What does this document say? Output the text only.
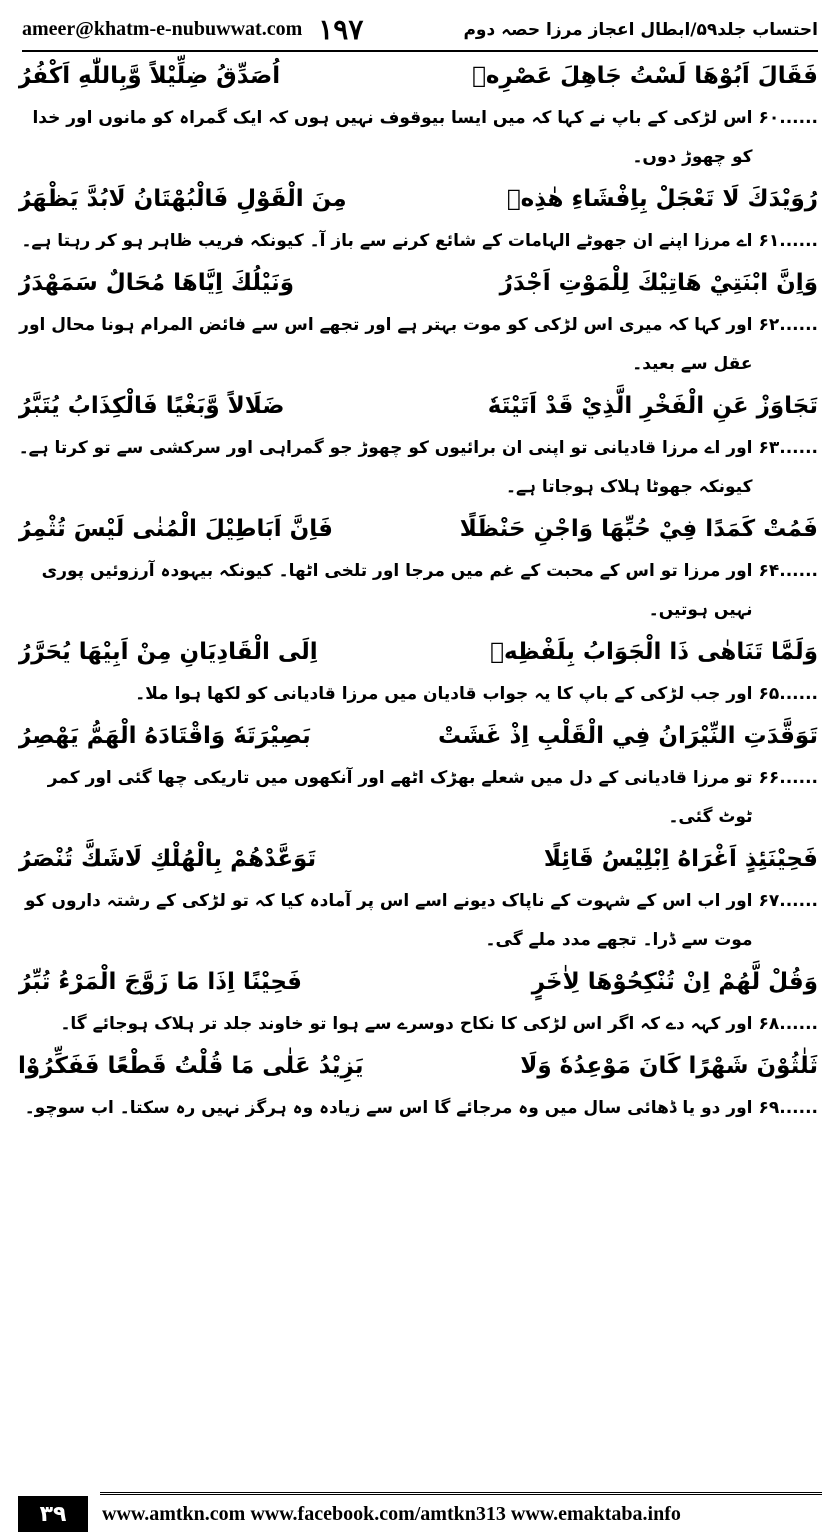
ameer@khatm-e-nubuwwat.com ۱۹۷	احتساب جلد۵۹/ابطال اعجاز مرزا حصہ دوم
فَقَالَ اَبُوْهَا لَسْتُ جَاهِلَ عَصْرِهٖ
اُصَدِّقُ ضِلِّيْلاً وَّبِاللّٰهِ اَكْفُرُ
۶۰......
اس لڑکی کے باپ نے کہا کہ میں ایسا بیوقوف نہیں ہوں کہ ایک گمراہ کو مانوں اور خدا کو چھوڑ دوں۔
رُوَيْدَكَ لَا تَعْجَلْ بِاِفْشَاءِ هٰذِهٖ
مِنَ الْقَوْلِ فَالْبُهْتَانُ لَابُدَّ يَظْهَرُ
۶۱......
اے مرزا اپنے ان جھوٹے الہامات کے شائع کرنے سے باز آ۔ کیونکہ فریب ظاہر ہو کر رہتا ہے۔
وَاِنَّ ابْنَتِيْ هَاتِيْكَ لِلْمَوْتِ اَجْدَرُ
وَنَيْلُكَ اِيَّاهَا مُحَالٌ سَمَهْدَرُ
۶۲......
اور کہا کہ میری اس لڑکی کو موت بہتر ہے اور تجھے اس سے فائض المرام ہونا محال اور عقل سے بعید۔
تَجَاوَزْ عَنِ الْفَخْرِ الَّذِيْ قَدْ اَتَيْتَهٗ
ضَلَالاً وَّبَغْيًا فَالْكِذَابُ يُتَبَّرُ
۶۳......
اور اے مرزا قادیانی تو اپنی ان برائیوں کو چھوڑ جو گمراہی اور سرکشی سے تو کرتا ہے۔ کیونکہ جھوٹا ہلاک ہوجاتا ہے۔
فَمُتْ كَمَدًا فِيْ حُبِّهَا وَاجْنِ حَنْظَلًا
فَاِنَّ اَبَاطِيْلَ الْمُنٰى لَيْسَ تُثْمِرُ
۶۴......
اور مرزا تو اس کے محبت کے غم میں مرجا اور تلخی اٹھا۔ کیونکہ بیہودہ آرزوئیں پوری نہیں ہوتیں۔
وَلَمَّا تَنَاهٰى ذَا الْجَوَابُ بِلَفْظِهٖ
اِلَى الْقَادِيَانِ مِنْ اَبِيْهَا يُحَرَّرُ
۶۵......
اور جب لڑکی کے باپ کا یہ جواب قادیان میں مرزا قادیانی کو لکھا ہوا ملا۔
تَوَقَّدَتِ النِّيْرَانُ فِي الْقَلْبِ اِذْ غَشَتْ
بَصِيْرَتَهٗ وَاقْتَادَهُ الْهَمُّ يَهْصِرُ
۶۶......
تو مرزا قادیانی کے دل میں شعلے بھڑک اٹھے اور آنکھوں میں تاریکی چھا گئی اور کمر ٹوٹ گئی۔
فَحِيْنَئِذٍ اَغْرَاهُ اِبْلِيْسُ قَائِلًا
تَوَعَّدْهُمْ بِالْهُلْكِ لَاشَكَّ تُنْصَرُ
۶۷......
اور اب اس کے شہوت کے ناپاک دیونے اسے اس پر آمادہ کیا کہ تو لڑکی کے رشتہ داروں کو موت سے ڈرا۔ تجھے مدد ملے گی۔
وَقُلْ لَّهُمْ اِنْ تُنْكِحُوْهَا لِاٰخَرٍ
فَحِيْنًا اِذَا مَا زَوَّجَ الْمَرْءُ تُبِّرُ
۶۸......
اور کہہ دے کہ اگر اس لڑکی کا نکاح دوسرے سے ہوا تو خاوند جلد تر ہلاک ہوجائے گا۔
ثَلٰثُوْنَ شَهْرًا كَانَ مَوْعِدُهٗ وَلَا
يَزِيْدُ عَلٰى مَا قُلْتُ قَطْعًا فَفَكِّرُوْا
۶۹......
اور دو یا ڈھائی سال میں وہ مرجائے گا اس سے زیادہ وہ ہرگز نہیں رہ سکتا۔ اب سوچو۔
۳۹	www.amtkn.com www.facebook.com/amtkn313 www.emaktaba.info
